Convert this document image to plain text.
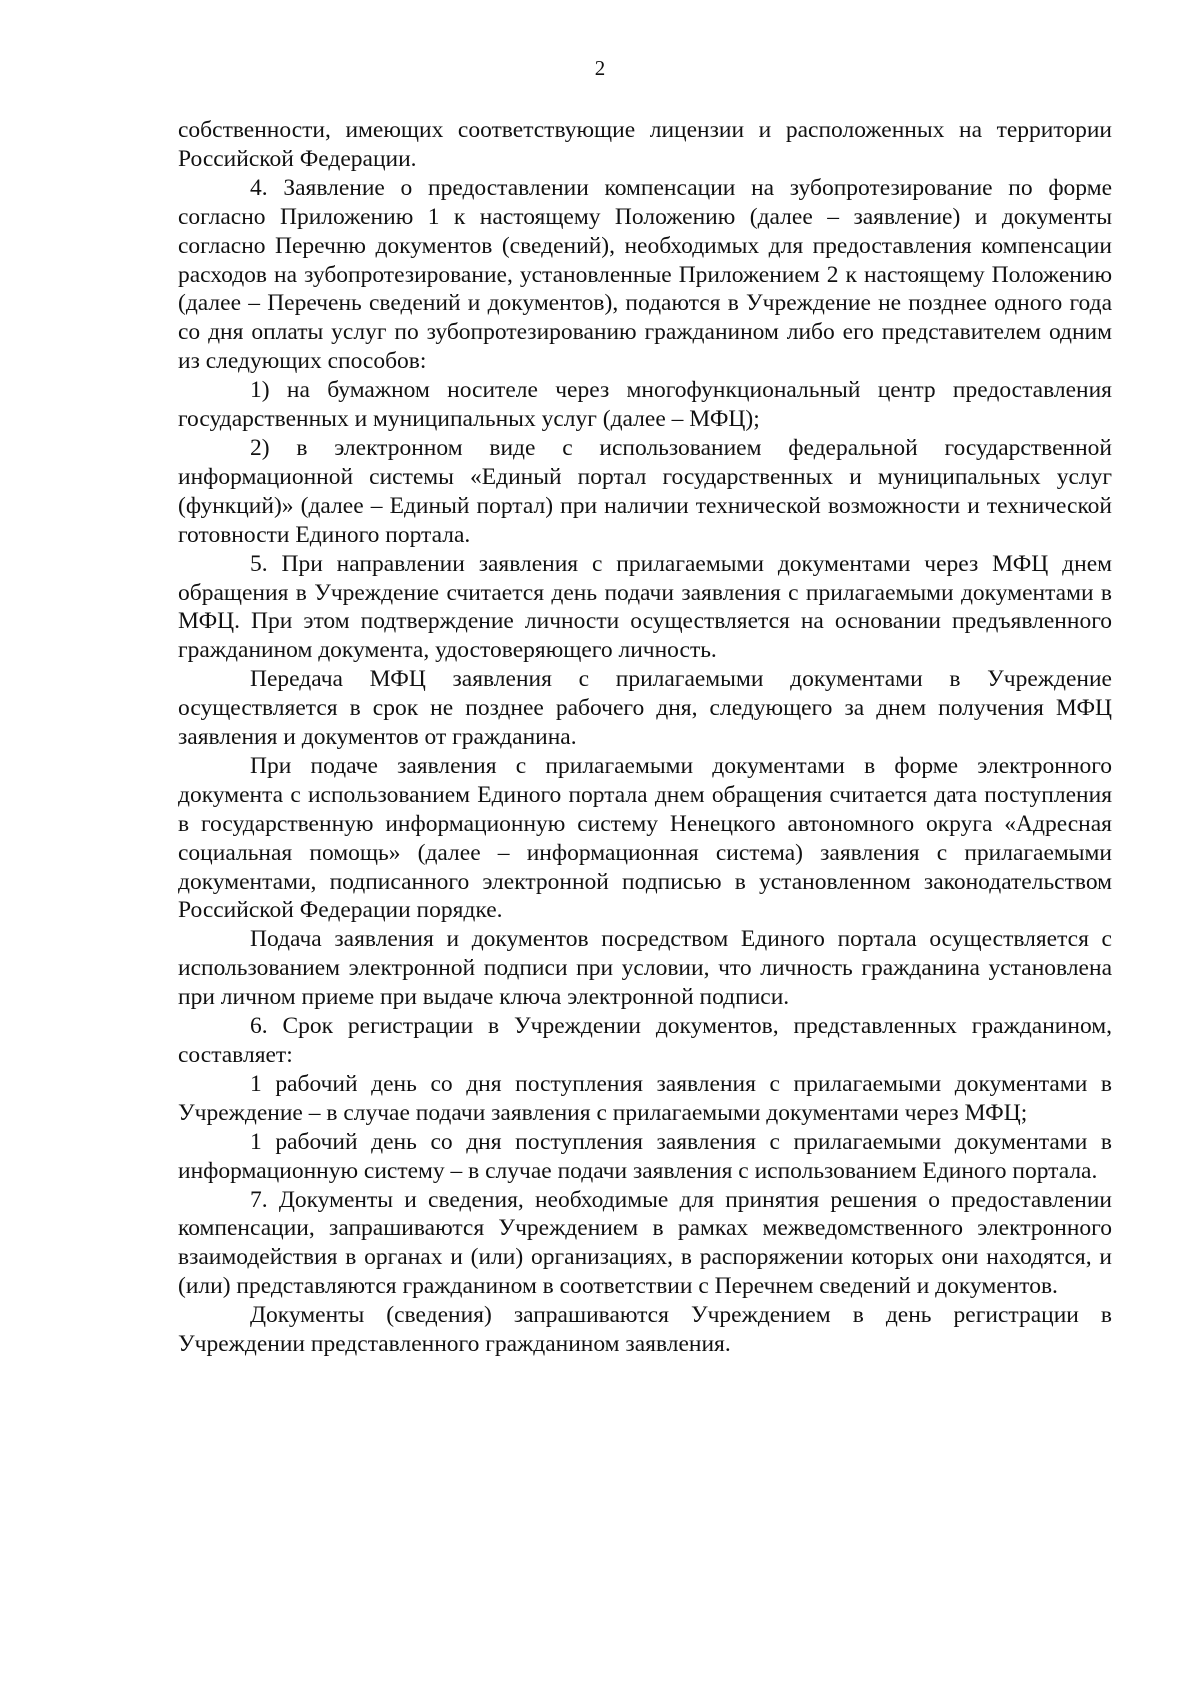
2

собственности, имеющих соответствующие лицензии и расположенных на территории Российской Федерации.

4. Заявление о предоставлении компенсации на зубопротезирование по форме согласно Приложению 1 к настоящему Положению (далее – заявление) и документы согласно Перечню документов (сведений), необходимых для предоставления компенсации расходов на зубопротезирование, установленные Приложением 2 к настоящему Положению (далее – Перечень сведений и документов), подаются в Учреждение не позднее одного года со дня оплаты услуг по зубопротезированию гражданином либо его представителем одним из следующих способов:

1) на бумажном носителе через многофункциональный центр предоставления государственных и муниципальных услуг (далее – МФЦ);

2) в электронном виде с использованием федеральной государственной информационной системы «Единый портал государственных и муниципальных услуг (функций)» (далее – Единый портал) при наличии технической возможности и технической готовности Единого портала.

5. При направлении заявления с прилагаемыми документами через МФЦ днем обращения в Учреждение считается день подачи заявления с прилагаемыми документами в МФЦ. При этом подтверждение личности осуществляется на основании предъявленного гражданином документа, удостоверяющего личность.

Передача МФЦ заявления с прилагаемыми документами в Учреждение осуществляется в срок не позднее рабочего дня, следующего за днем получения МФЦ заявления и документов от гражданина.

При подаче заявления с прилагаемыми документами в форме электронного документа с использованием Единого портала днем обращения считается дата поступления в государственную информационную систему Ненецкого автономного округа «Адресная социальная помощь» (далее – информационная система) заявления с прилагаемыми документами, подписанного электронной подписью в установленном законодательством Российской Федерации порядке.

Подача заявления и документов посредством Единого портала осуществляется с использованием электронной подписи при условии, что личность гражданина установлена при личном приеме при выдаче ключа электронной подписи.

6. Срок регистрации в Учреждении документов, представленных гражданином, составляет:

1 рабочий день со дня поступления заявления с прилагаемыми документами в Учреждение – в случае подачи заявления с прилагаемыми документами через МФЦ;

1 рабочий день со дня поступления заявления с прилагаемыми документами в информационную систему – в случае подачи заявления с использованием Единого портала.

7. Документы и сведения, необходимые для принятия решения о предоставлении компенсации, запрашиваются Учреждением в рамках межведомственного электронного взаимодействия в органах и (или) организациях, в распоряжении которых они находятся, и (или) представляются гражданином в соответствии с Перечнем сведений и документов.

Документы (сведения) запрашиваются Учреждением в день регистрации в Учреждении представленного гражданином заявления.
